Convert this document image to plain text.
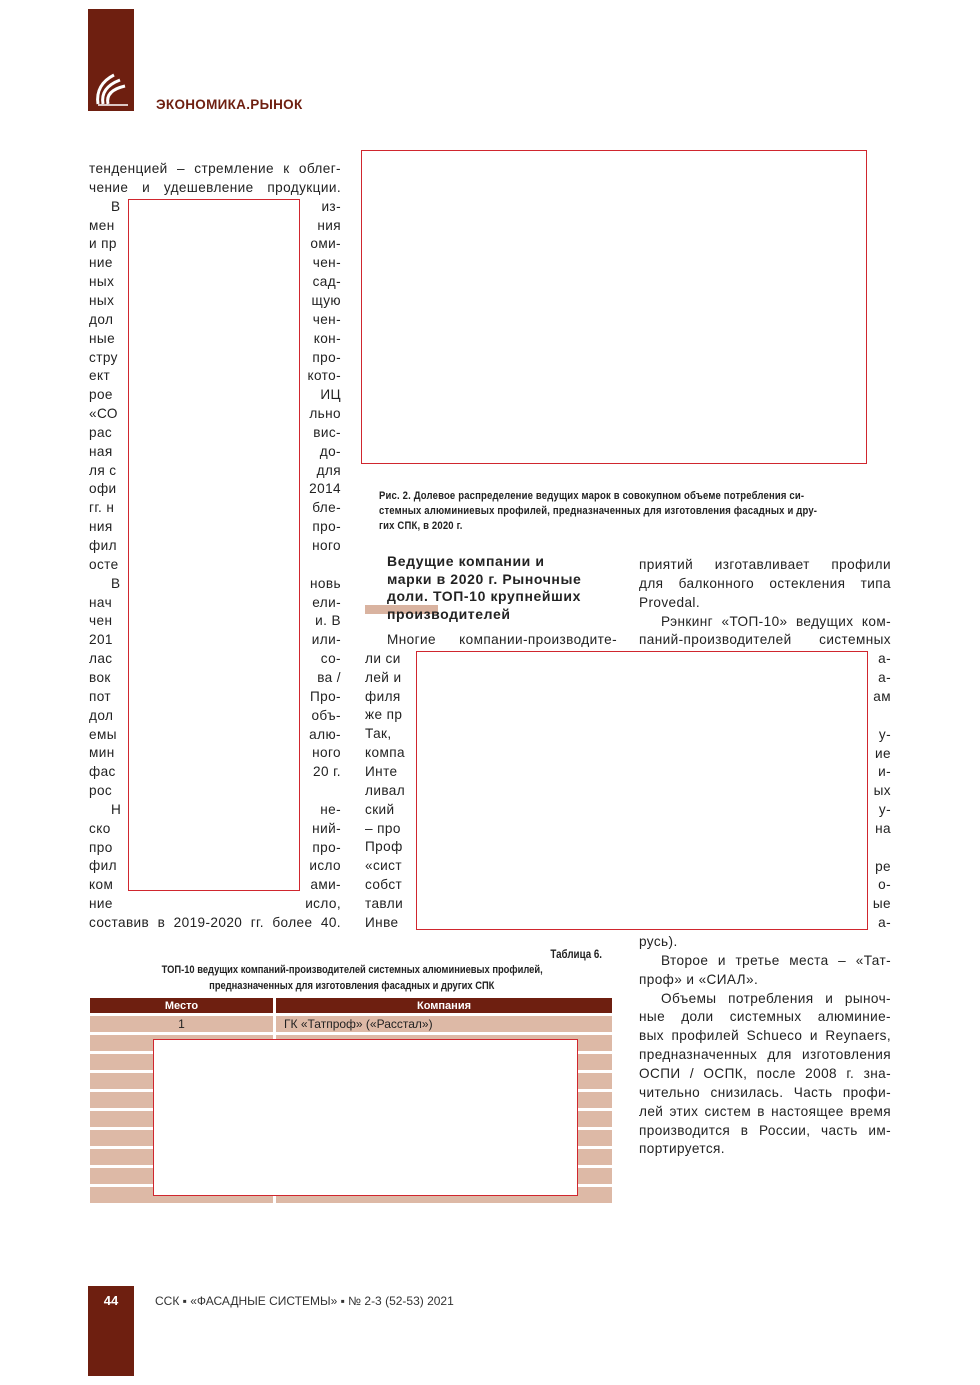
ЭКОНОМИКА.РЫНОК
тенденцией – стремление к облег-
чение и удешевление продукции.
В	из-
мен	ния
и пр	оми-
ние	чен-
ных	сад-
ных	щую
дол	чен-
ные	кон-
стру	про-
ект	кото-
рое	ИЦ
«СО	льно
рас	вис-
ная	до-
ля с	для
офи	2014
гг. н	бле-
ния	про-
фил	ного
осте
В	новь
нач	ели-
чен	и. В
201	или-
лас	со-
вок	ва /
пот	Про-
дол	объ-
емы	алю-
мин	ного
фас	20 г.
рос
Н	не-
ско	ний-
про	про-
фил	исло
ком	ами-
ние	исло,
составив в 2019-2020 гг. более 40.
Многие компании-производите-
ли си
лей и
филя
же пр
Так,
компа
Инте
ливал
ский
– про
Проф
«сист
собст
тавли
Инве
приятий изготавливает профили
для балконного остекления типа
Provedal.
Рэнкинг «ТОП-10» ведущих ком-
паний-производителей системных
а-
а-
ам
у-
ие
и-
ых
у-
на
ре
о-
ые
а-
русь).
Второе и третье места – «Тат-
проф» и «СИАЛ».
Объемы потребления и рыноч-
ные доли системных алюминие-
вых профилей Schueco и Reynaers,
предназначенных для изготовления
ОСПИ / ОСПК, после 2008 г. зна-
чительно снизилась. Часть профи-
лей этих систем в настоящее время
производится в России, часть им-
портируется.
Рис. 2. Долевое распределение ведущих марок в совокупном объеме потребления си-
стемных алюминиевых профилей, предназначенных для изготовления фасадных и дру-
гих СПК, в 2020 г.
Ведущие компании и
марки в 2020 г. Рыночные
доли. ТОП-10 крупнейших
производителей
Таблица 6.
ТОП-10 ведущих компаний-производителей системных алюминиевых профилей,
предназначенных для изготовления фасадных и других СПК
Место	Компания
1	ГК «Татпроф» («Расстал»)

44	ССК ▪ «ФАСАДНЫЕ СИСТЕМЫ» ▪ № 2-3 (52-53) 2021
